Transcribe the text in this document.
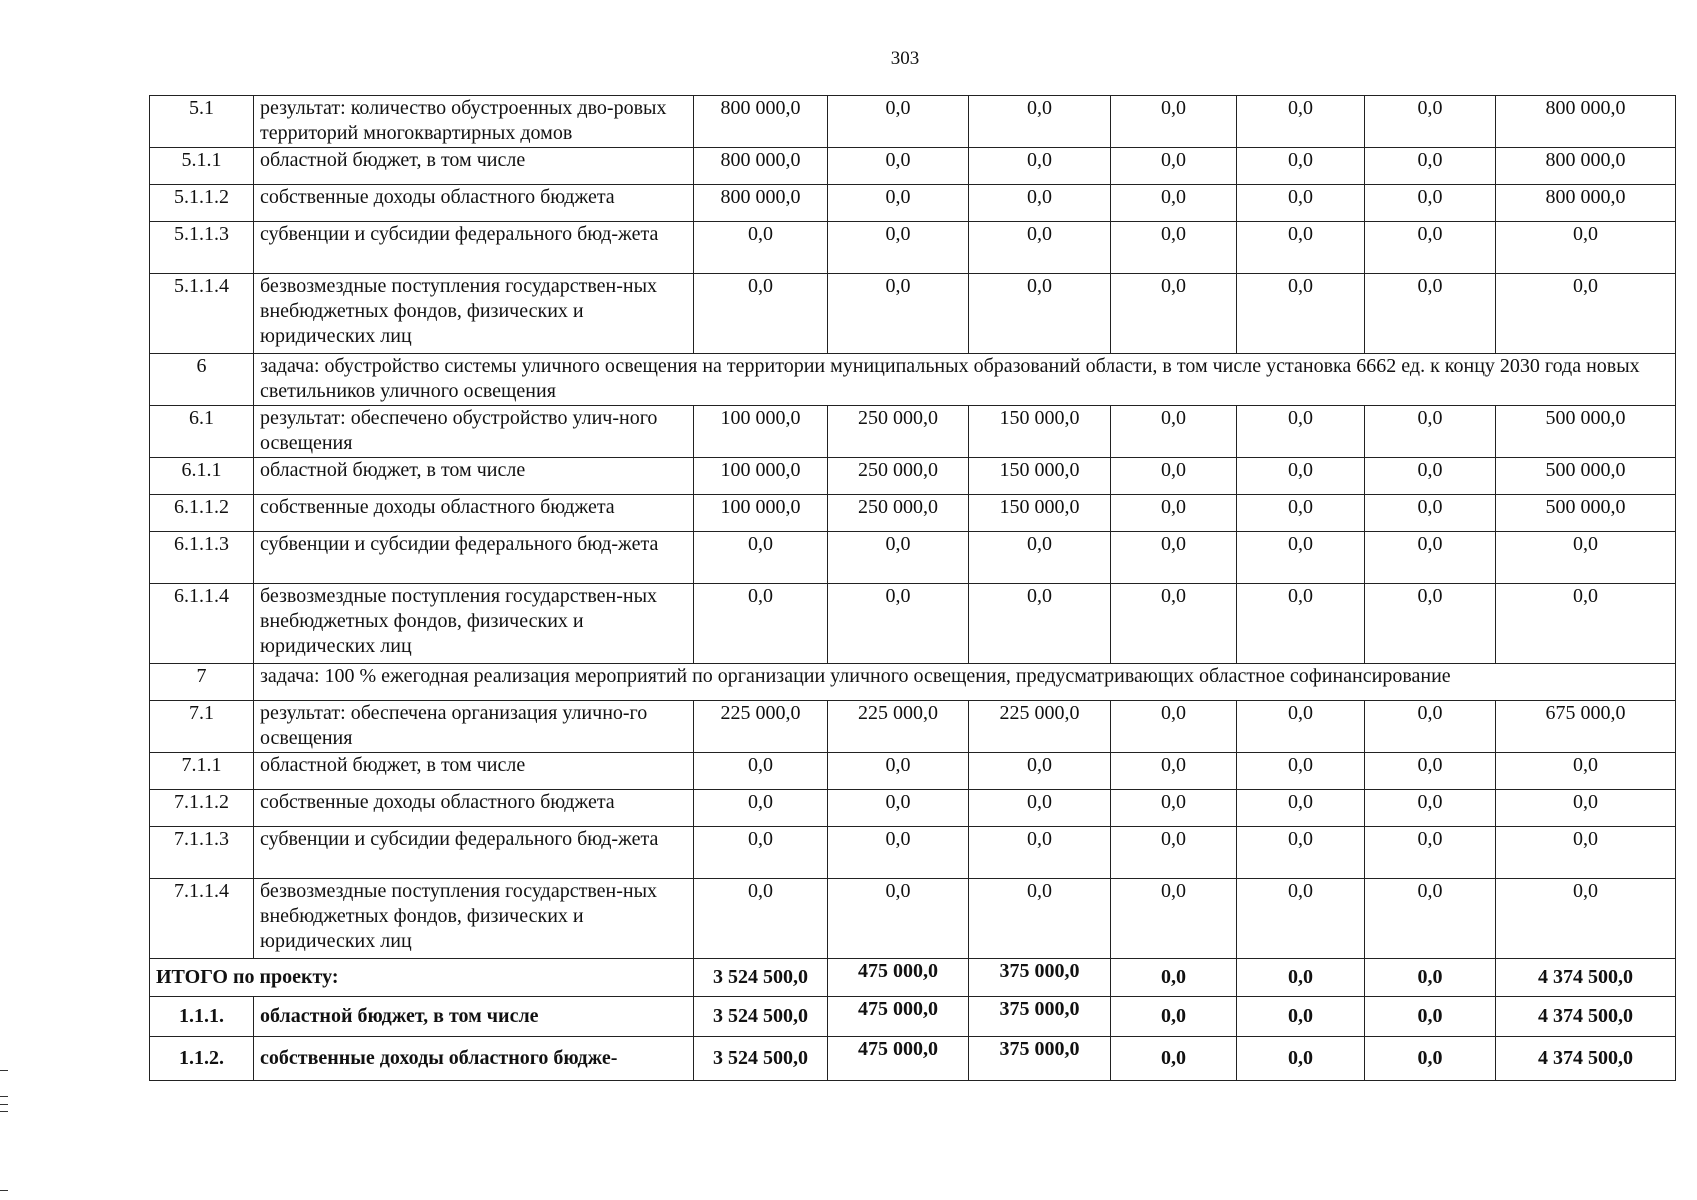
303
5.1	результат: количество обустроенных дво-ровых территорий многоквартирных домов	800 000,0	0,0	0,0	0,0	0,0	0,0	800 000,0
5.1.1	областной бюджет, в том числе	800 000,0	0,0	0,0	0,0	0,0	0,0	800 000,0
5.1.1.2	собственные доходы областного бюджета	800 000,0	0,0	0,0	0,0	0,0	0,0	800 000,0
5.1.1.3	субвенции и субсидии федерального бюд-жета	0,0	0,0	0,0	0,0	0,0	0,0	0,0
5.1.1.4	безвозмездные поступления государствен-ных внебюджетных фондов, физических и юридических лиц	0,0	0,0	0,0	0,0	0,0	0,0	0,0
6	задача: обустройство системы уличного освещения на территории муниципальных образований области, в том числе установка 6662 ед. к концу 2030 года новых светильников уличного освещения							
6.1	результат: обеспечено обустройство улич-ного освещения	100 000,0	250 000,0	150 000,0	0,0	0,0	0,0	500 000,0
6.1.1	областной бюджет, в том числе	100 000,0	250 000,0	150 000,0	0,0	0,0	0,0	500 000,0
6.1.1.2	собственные доходы областного бюджета	100 000,0	250 000,0	150 000,0	0,0	0,0	0,0	500 000,0
6.1.1.3	субвенции и субсидии федерального бюд-жета	0,0	0,0	0,0	0,0	0,0	0,0	0,0
6.1.1.4	безвозмездные поступления государствен-ных внебюджетных фондов, физических и юридических лиц	0,0	0,0	0,0	0,0	0,0	0,0	0,0
7	задача: 100 % ежегодная реализация мероприятий по организации уличного освещения, предусматривающих областное софинансирование							
7.1	результат: обеспечена организация улично-го освещения	225 000,0	225 000,0	225 000,0	0,0	0,0	0,0	675 000,0
7.1.1	областной бюджет, в том числе	0,0	0,0	0,0	0,0	0,0	0,0	0,0
7.1.1.2	собственные доходы областного бюджета	0,0	0,0	0,0	0,0	0,0	0,0	0,0
7.1.1.3	субвенции и субсидии федерального бюд-жета	0,0	0,0	0,0	0,0	0,0	0,0	0,0
7.1.1.4	безвозмездные поступления государствен-ных внебюджетных фондов, физических и юридических лиц	0,0	0,0	0,0	0,0	0,0	0,0	0,0
ИТОГО по проекту:		3 524 500,0	475 000,0	375 000,0	0,0	0,0	0,0	4 374 500,0
1.1.1.	областной бюджет, в том числе	3 524 500,0	475 000,0	375 000,0	0,0	0,0	0,0	4 374 500,0
1.1.2.	собственные доходы областного бюдже-	3 524 500,0	475 000,0	375 000,0	0,0	0,0	0,0	4 374 500,0
